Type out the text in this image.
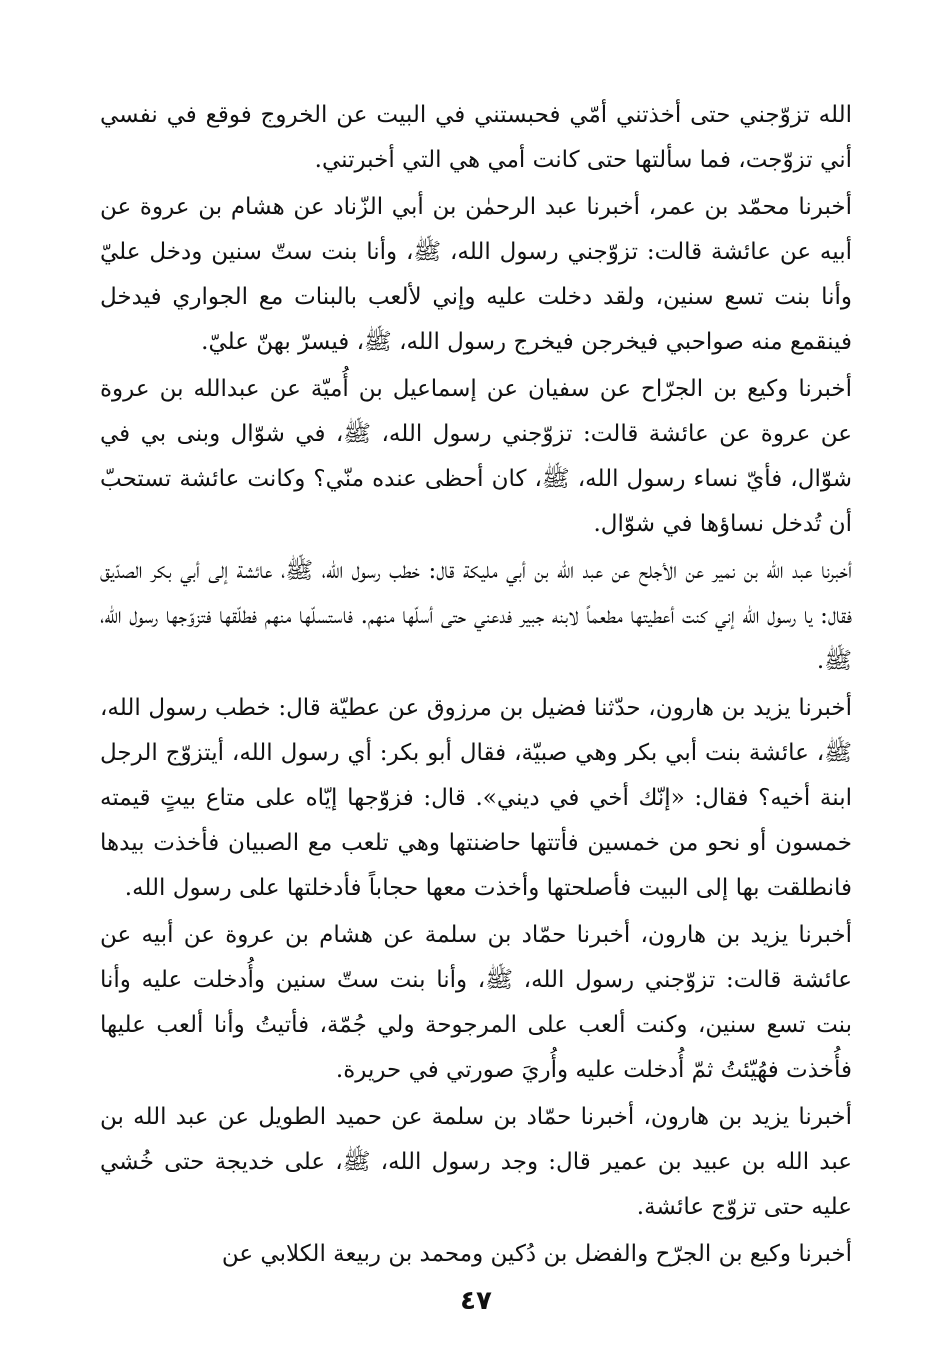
الله تزوّجني حتى أخذتني أمّي فحبستني في البيت عن الخروج فوقع في نفسي أني تزوّجت، فما سألتها حتى كانت أمي هي التي أخبرتني.

أخبرنا محمّد بن عمر، أخبرنا عبد الرحمٰن بن أبي الزّناد عن هشام بن عروة عن أبيه عن عائشة قالت: تزوّجني رسول الله، ﷺ، وأنا بنت ستّ سنين ودخل عليّ وأنا بنت تسع سنين، ولقد دخلت عليه وإني لألعب بالبنات مع الجواري فيدخل فينقمع منه صواحبي فيخرجن فيخرج رسول الله، ﷺ، فيسرّ بهنّ عليّ.

أخبرنا وكيع بن الجرّاح عن سفيان عن إسماعيل بن أُميّة عن عبدالله بن عروة عن عروة عن عائشة قالت: تزوّجني رسول الله، ﷺ، في شوّال وبنى بي في شوّال، فأيّ نساء رسول الله، ﷺ، كان أحظى عنده منّي؟ وكانت عائشة تستحبّ أن تُدخل نساؤها في شوّال.

أخبرنا عبد الله بن نمير عن الأجلح عن عبد الله بن أبي مليكة قال: خطب رسول الله، ﷺ، عائشة إلى أبي بكر الصدّيق فقال: يا رسول الله إني كنت أعطيتها مطعماً لابنه جبير فدعني حتى أسلّها منهم. فاستسلّها منهم فطلّقها فتزوّجها رسول الله، ﷺ.

أخبرنا يزيد بن هارون، حدّثنا فضيل بن مرزوق عن عطيّة قال: خطب رسول الله، ﷺ، عائشة بنت أبي بكر وهي صبيّة، فقال أبو بكر: أي رسول الله، أيتزوّج الرجل ابنة أخيه؟ فقال: «إنّك أخي في ديني». قال: فزوّجها إيّاه على متاع بيتٍ قيمته خمسون أو نحو من خمسين فأتتها حاضنتها وهي تلعب مع الصبيان فأخذت بيدها فانطلقت بها إلى البيت فأصلحتها وأخذت معها حجاباً فأدخلتها على رسول الله.

أخبرنا يزيد بن هارون، أخبرنا حمّاد بن سلمة عن هشام بن عروة عن أبيه عن عائشة قالت: تزوّجني رسول الله، ﷺ، وأنا بنت ستّ سنين وأُدخلت عليه وأنا بنت تسع سنين، وكنت ألعب على المرجوحة ولي جُمّة، فأتيتُ وأنا ألعب عليها فأُخذت فهُيّئتُ ثمّ أُدخلت عليه وأُريَ صورتي في حريرة.

أخبرنا يزيد بن هارون، أخبرنا حمّاد بن سلمة عن حميد الطويل عن عبد الله بن عبد الله بن عبيد بن عمير قال: وجد رسول الله، ﷺ، على خديجة حتى خُشي عليه حتى تزوّج عائشة.

أخبرنا وكيع بن الجرّح والفضل بن دُكين ومحمد بن ربيعة الكلابي عن

٤٧
